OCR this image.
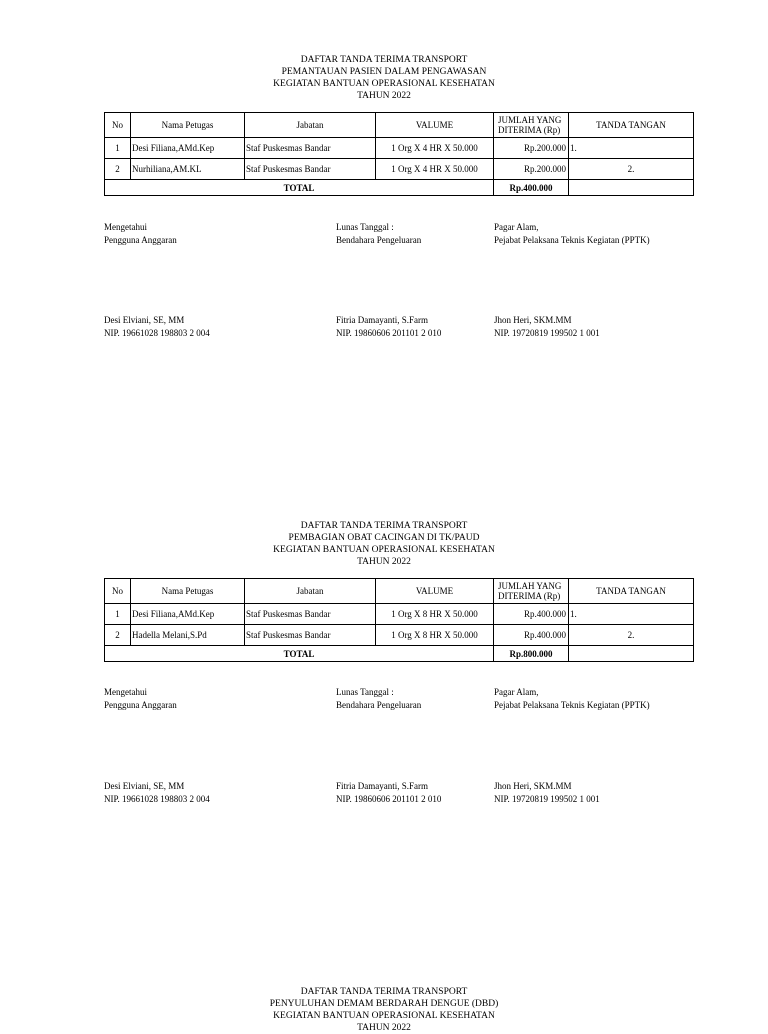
DAFTAR TANDA TERIMA TRANSPORT
PEMANTAUAN PASIEN DALAM PENGAWASAN
KEGIATAN BANTUAN OPERASIONAL KESEHATAN
TAHUN 2022
No	Nama Petugas	Jabatan	VALUME	JUMLAH YANG DITERIMA (Rp)	TANDA TANGAN
1	Desi Filiana,AMd.Kep	Staf Puskesmas Bandar	1 Org X 4 HR X 50.000	Rp.200.000	1.
2	Nurhiliana,AM.KL	Staf Puskesmas Bandar	1 Org X 4 HR X 50.000	Rp.200.000	2.
TOTAL				Rp.400.000	
Mengetahui
Pengguna Anggaran
Lunas Tanggal :
Bendahara Pengeluaran
Pagar Alam,
Pejabat Pelaksana Teknis Kegiatan (PPTK)
Desi Elviani, SE, MM
NIP. 19661028 198803 2 004
Fitria Damayanti, S.Farm
NIP. 19860606 201101 2 010
Jhon Heri, SKM.MM
NIP. 19720819 199502 1 001
DAFTAR TANDA TERIMA TRANSPORT
PEMBAGIAN OBAT CACINGAN DI TK/PAUD
KEGIATAN BANTUAN OPERASIONAL KESEHATAN
TAHUN 2022
No	Nama Petugas	Jabatan	VALUME	JUMLAH YANG DITERIMA (Rp)	TANDA TANGAN
1	Desi Filiana,AMd.Kep	Staf Puskesmas Bandar	1 Org X 8 HR X 50.000	Rp.400.000	1.
2	Hadella Melani,S.Pd	Staf Puskesmas Bandar	1 Org X 8 HR X 50.000	Rp.400.000	2.
TOTAL				Rp.800.000	
Mengetahui
Pengguna Anggaran
Lunas Tanggal :
Bendahara Pengeluaran
Pagar Alam,
Pejabat Pelaksana Teknis Kegiatan (PPTK)
Desi Elviani, SE, MM
NIP. 19661028 198803 2 004
Fitria Damayanti, S.Farm
NIP. 19860606 201101 2 010
Jhon Heri, SKM.MM
NIP. 19720819 199502 1 001
DAFTAR TANDA TERIMA TRANSPORT
PENYULUHAN DEMAM BERDARAH DENGUE (DBD)
KEGIATAN BANTUAN OPERASIONAL KESEHATAN
TAHUN 2022
